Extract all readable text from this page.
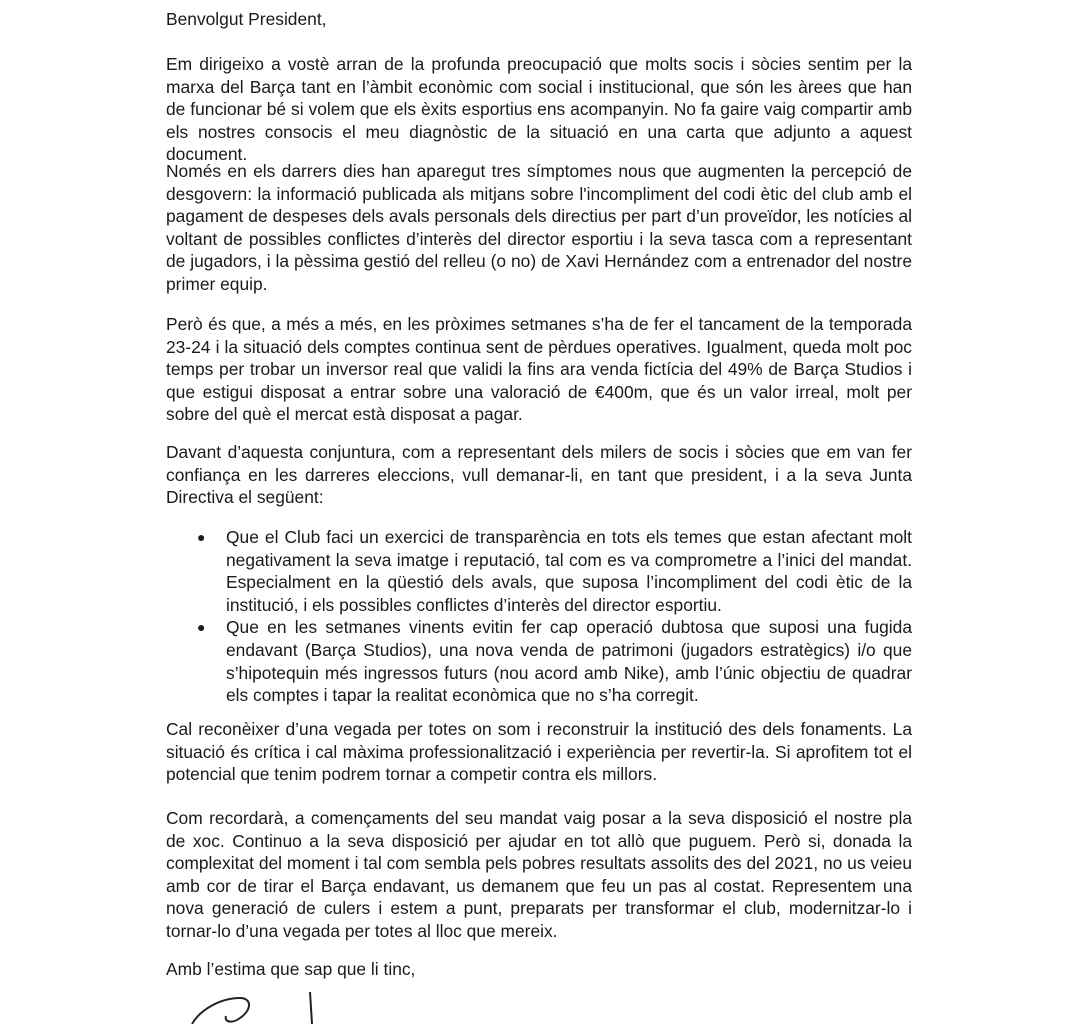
Benvolgut President,

Em dirigeixo a vostè arran de la profunda preocupació que molts socis i sòcies sentim per la marxa del Barça tant en l’àmbit econòmic com social i institucional, que són les àrees que han de funcionar bé si volem que els èxits esportius ens acompanyin. No fa gaire vaig compartir amb els nostres consocis el meu diagnòstic de la situació en una carta que adjunto a aquest document.

Només en els darrers dies han aparegut tres símptomes nous que augmenten la percepció de desgovern: la informació publicada als mitjans sobre l'incompliment del codi ètic del club amb el pagament de despeses dels avals personals dels directius per part d’un proveïdor, les notícies al voltant de possibles conflictes d’interès del director esportiu i la seva tasca com a representant de jugadors, i la pèssima gestió del relleu (o no) de Xavi Hernández com a entrenador del nostre primer equip.

Però és que, a més a més, en les pròximes setmanes s’ha de fer el tancament de la temporada 23-24 i la situació dels comptes continua sent de pèrdues operatives. Igualment, queda molt poc temps per trobar un inversor real que validi la fins ara venda fictícia del 49% de Barça Studios i que estigui disposat a entrar sobre una valoració de €400m, que és un valor irreal, molt per sobre del què el mercat està disposat a pagar.

Davant d’aquesta conjuntura, com a representant dels milers de socis i sòcies que em van fer confiança en les darreres eleccions, vull demanar-li, en tant que president, i a la seva Junta Directiva el següent:

● Que el Club faci un exercici de transparència en tots els temes que estan afectant molt negativament la seva imatge i reputació, tal com es va comprometre a l’inici del mandat. Especialment en la qüestió dels avals, que suposa l’incompliment del codi ètic de la institució, i els possibles conflictes d’interès del director esportiu.
● Que en les setmanes vinents evitin fer cap operació dubtosa que suposi una fugida endavant (Barça Studios), una nova venda de patrimoni (jugadors estratègics) i/o que s’hipotequin més ingressos futurs (nou acord amb Nike), amb l’únic objectiu de quadrar els comptes i tapar la realitat econòmica que no s’ha corregit.

Cal reconèixer d’una vegada per totes on som i reconstruir la institució des dels fonaments. La situació és crítica i cal màxima professionalització i experiència per revertir-la. Si aprofitem tot el potencial que tenim podrem tornar a competir contra els millors.

Com recordarà, a començaments del seu mandat vaig posar a la seva disposició el nostre pla de xoc. Continuo a la seva disposició per ajudar en tot allò que puguem. Però si, donada la complexitat del moment i tal com sembla pels pobres resultats assolits des del 2021, no us veieu amb cor de tirar el Barça endavant, us demanem que feu un pas al costat. Representem una nova generació de culers i estem a punt, preparats per transformar el club, modernitzar-lo i tornar-lo d’una vegada per totes al lloc que mereix.

Amb l’estima que sap que li tinc,
